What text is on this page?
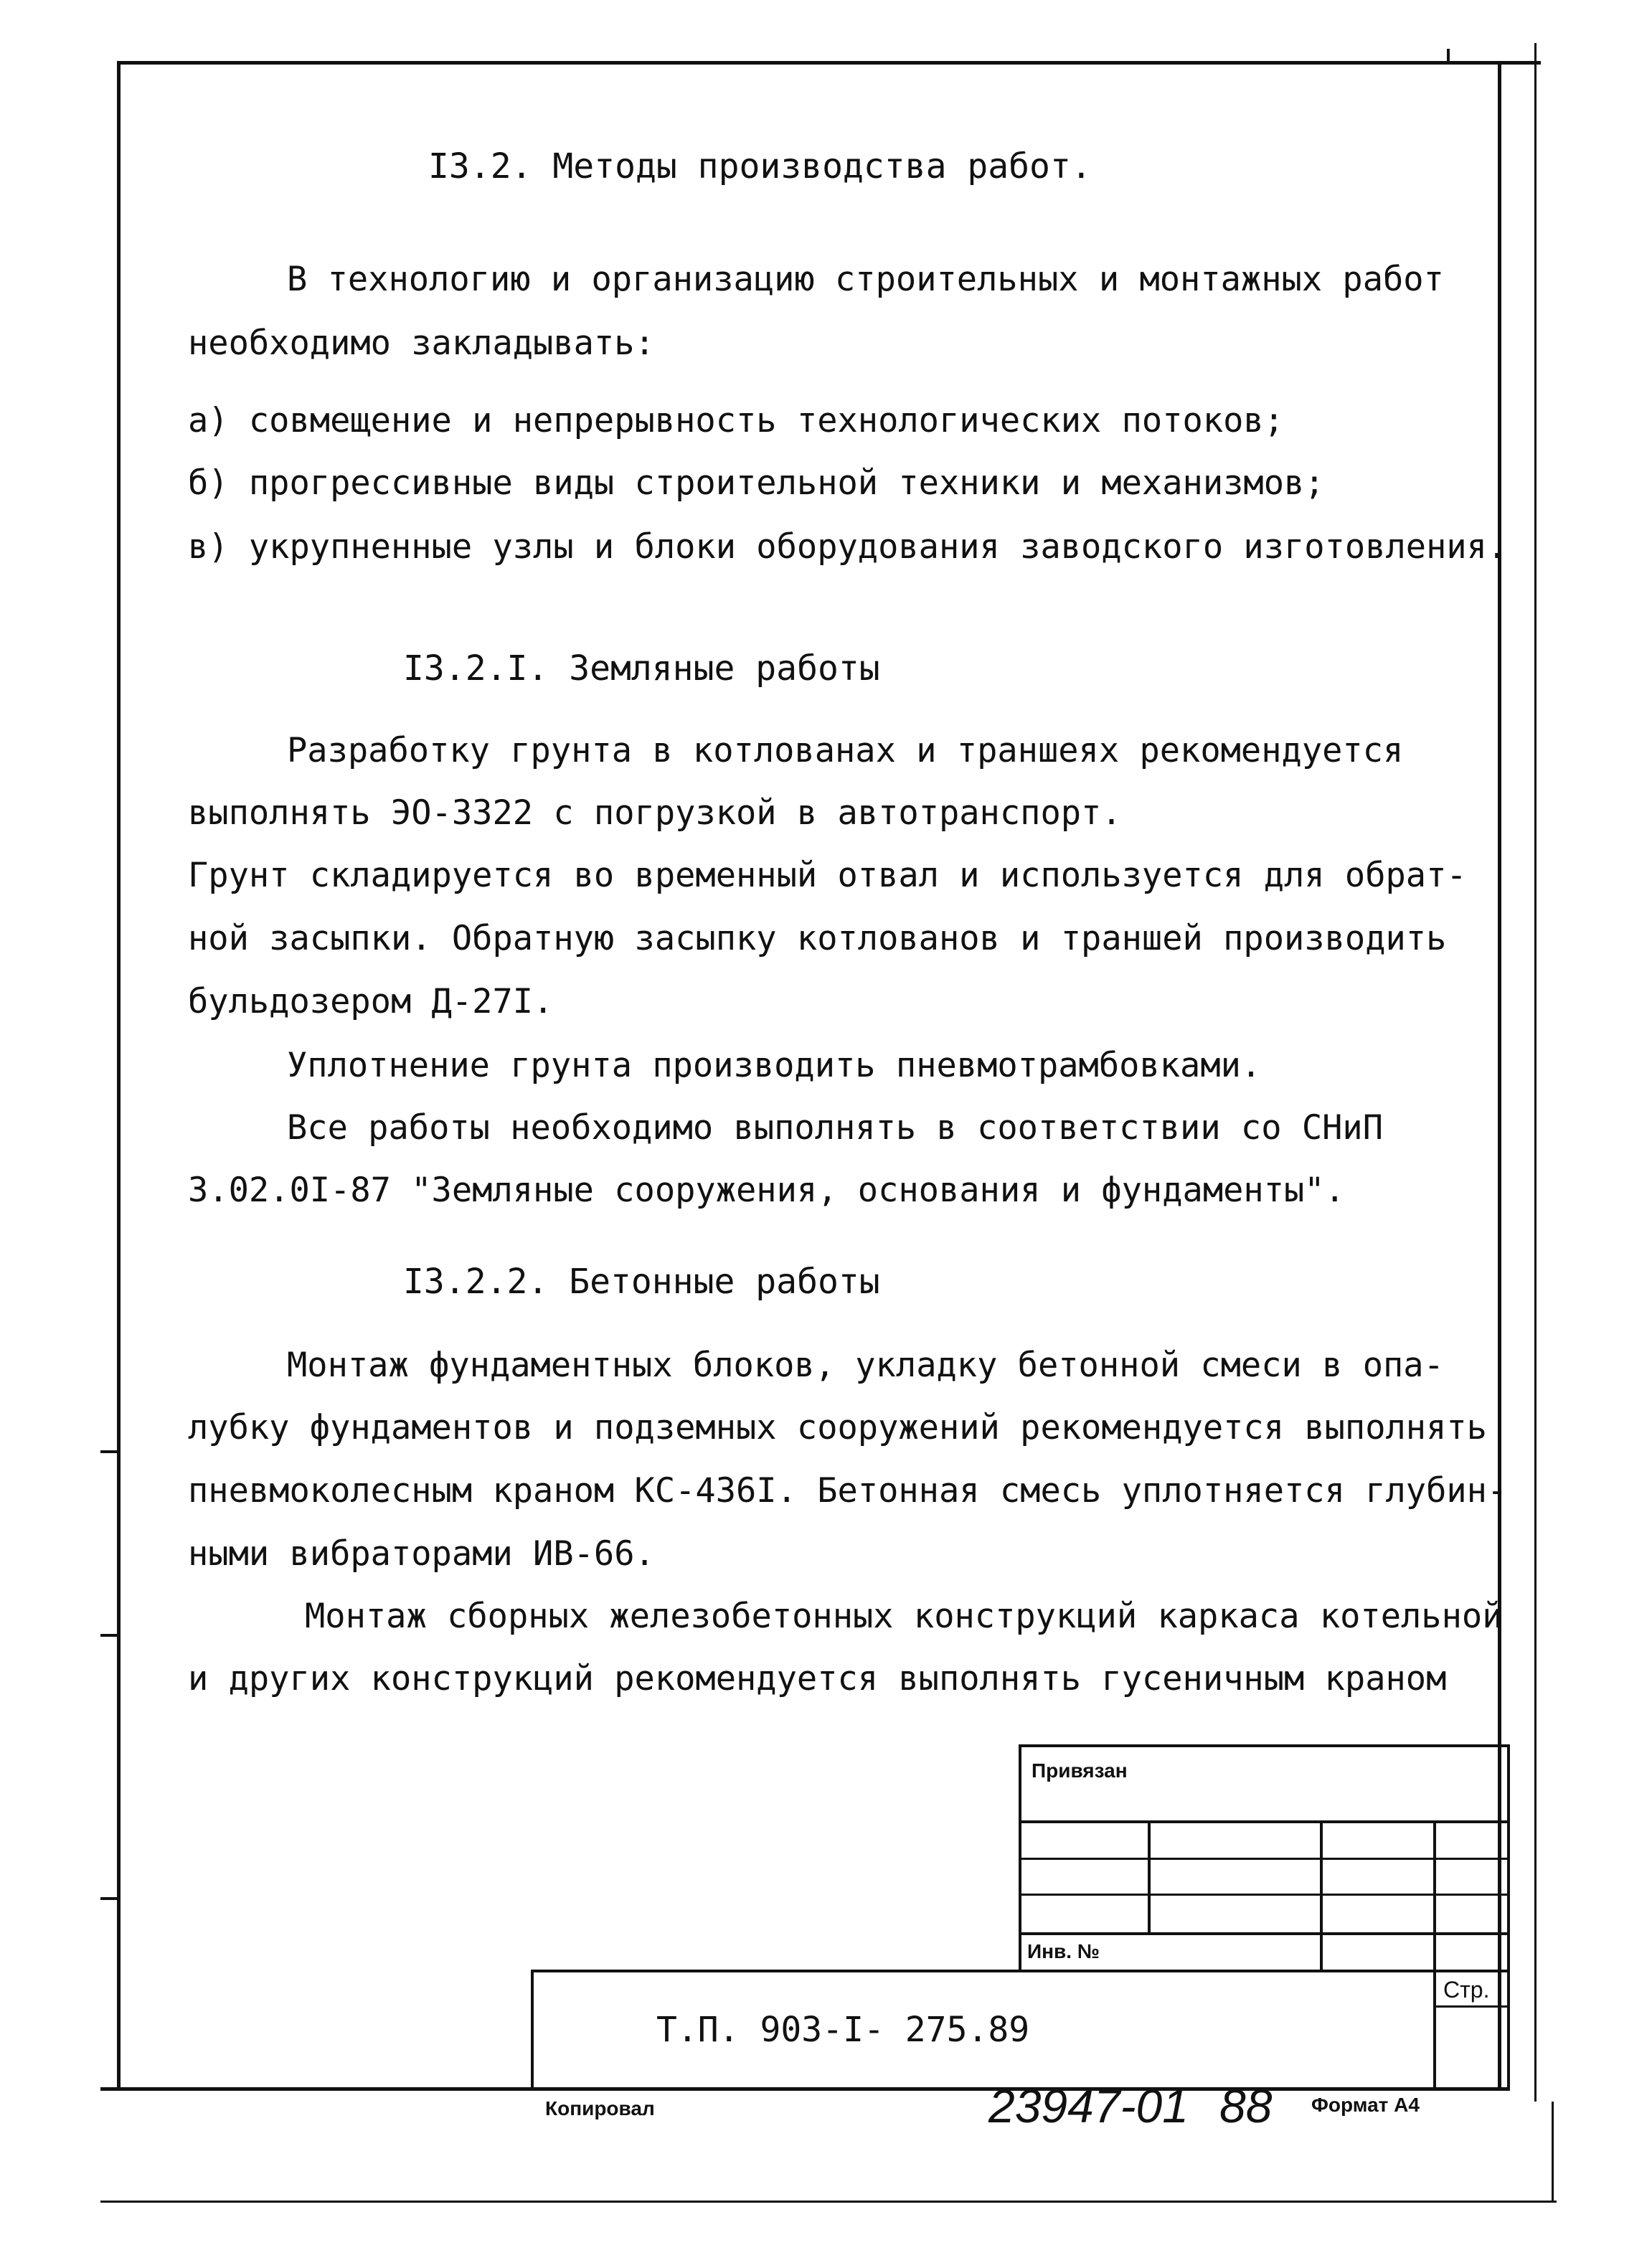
I3.2. Методы производства работ.
В технологию и организацию строительных и монтажных работ
необходимо закладывать:
а) совмещение и непрерывность технологических потоков;
б) прогрессивные виды строительной техники и механизмов;
в) укрупненные узлы и блоки оборудования заводского изготовления.
I3.2.I. Земляные работы
Разработку грунта в котлованах и траншеях рекомендуется
выполнять ЭО-3322 с погрузкой в автотранспорт.
Грунт складируется во временный отвал и используется для обрат-
ной засыпки. Обратную засыпку котлованов и траншей производить
бульдозером Д-27I.
Уплотнение грунта производить пневмотрамбовками.
Все работы необходимо выполнять в соответствии со СНиП
3.02.0I-87 "Земляные сооружения, основания и фундаменты".
I3.2.2. Бетонные работы
Монтаж фундаментных блоков, укладку бетонной смеси в опа-
лубку фундаментов и подземных сооружений рекомендуется выполнять
пневмоколесным краном КС-436I. Бетонная смесь уплотняется глубин-
ными вибраторами ИВ-66.
Монтаж сборных железобетонных конструкций каркаса котельной
и других конструкций рекомендуется выполнять гусеничным краном
Привязан
Инв. №
Стр.
Т.П. 903-I- 275.89
Копировал	23947-01 88 Формат А4
